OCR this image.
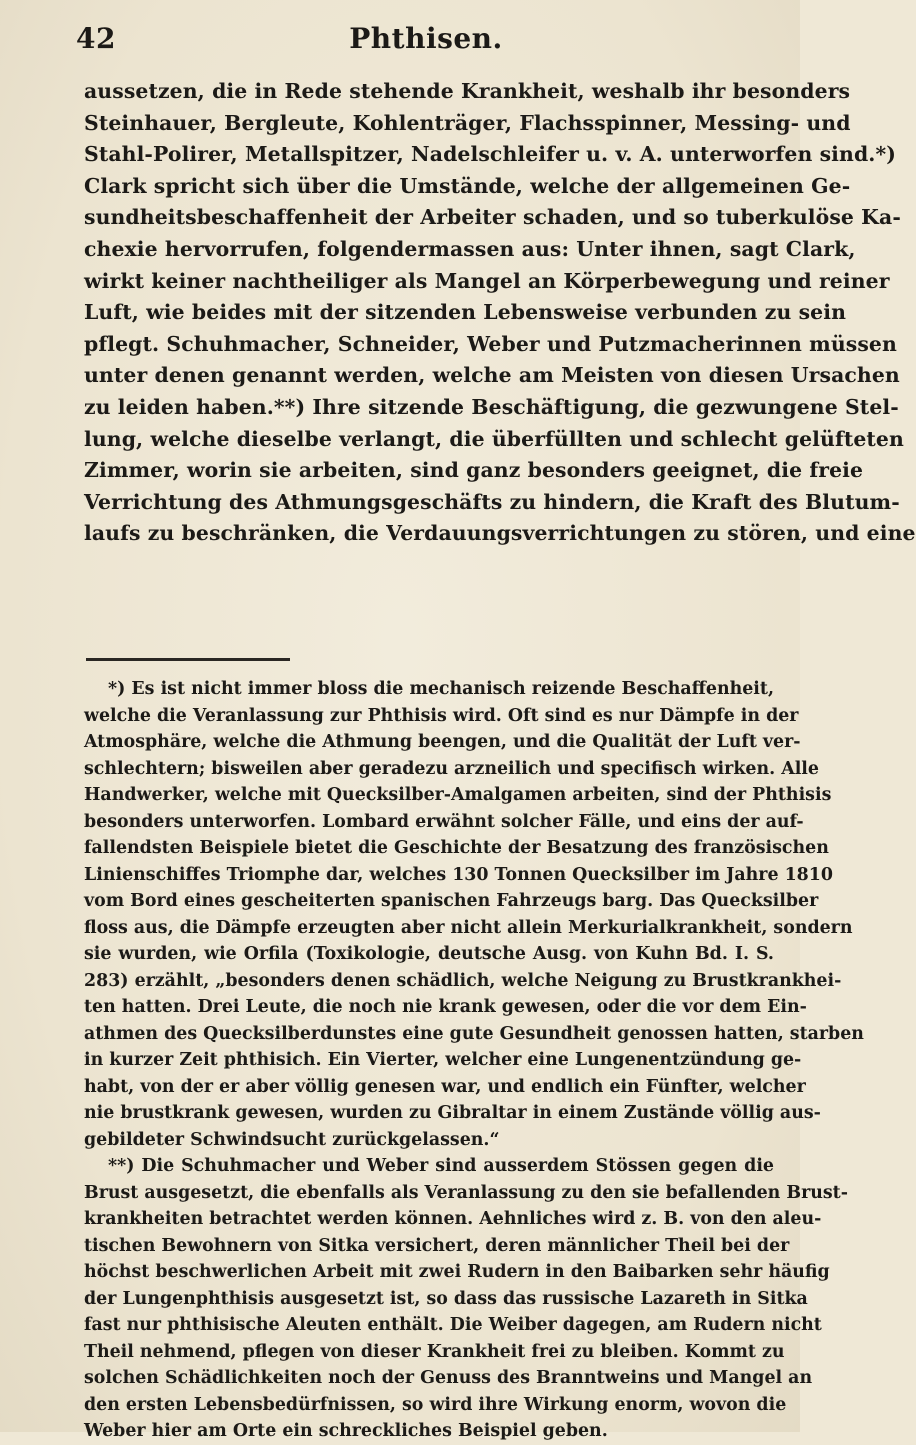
42	Phthisen.

aussetzen, die in Rede stehende Krankheit, weshalb ihr besonders
Steinhauer, Bergleute, Kohlenträger, Flachsspinner, Messing- und
Stahl-Polirer, Metallspitzer, Nadelschleifer u. v. A. unterworfen sind.*)
Clark spricht sich über die Umstände, welche der allgemeinen Ge-
sundheitsbeschaffenheit der Arbeiter schaden, und so tuberkulöse Ka-
chexie hervorrufen, folgendermassen aus: Unter ihnen, sagt Clark,
wirkt keiner nachtheiliger als Mangel an Körperbewegung und reiner
Luft, wie beides mit der sitzenden Lebensweise verbunden zu sein
pflegt. Schuhmacher, Schneider, Weber und Putzmacherinnen müssen
unter denen genannt werden, welche am Meisten von diesen Ursachen
zu leiden haben.**) Ihre sitzende Beschäftigung, die gezwungene Stel-
lung, welche dieselbe verlangt, die überfüllten und schlecht gelüfteten
Zimmer, worin sie arbeiten, sind ganz besonders geeignet, die freie
Verrichtung des Athmungsgeschäfts zu hindern, die Kraft des Blutum-
laufs zu beschränken, die Verdauungsverrichtungen zu stören, und eine

*) Es ist nicht immer bloss die mechanisch reizende Beschaffenheit,
welche die Veranlassung zur Phthisis wird. Oft sind es nur Dämpfe in der
Atmosphäre, welche die Athmung beengen, und die Qualität der Luft ver-
schlechtern; bisweilen aber geradezu arzneilich und specifisch wirken. Alle
Handwerker, welche mit Quecksilber-Amalgamen arbeiten, sind der Phthisis
besonders unterworfen. Lombard erwähnt solcher Fälle, und eins der auf-
fallendsten Beispiele bietet die Geschichte der Besatzung des französischen
Linienschiffes Triomphe dar, welches 130 Tonnen Quecksilber im Jahre 1810
vom Bord eines gescheiterten spanischen Fahrzeugs barg. Das Quecksilber
floss aus, die Dämpfe erzeugten aber nicht allein Merkurialkrankheit, sondern
sie wurden, wie Orfila (Toxikologie, deutsche Ausg. von Kuhn Bd. I. S.
283) erzählt, „besonders denen schädlich, welche Neigung zu Brustkrankhei-
ten hatten. Drei Leute, die noch nie krank gewesen, oder die vor dem Ein-
athmen des Quecksilberdunstes eine gute Gesundheit genossen hatten, starben
in kurzer Zeit phthisich. Ein Vierter, welcher eine Lungenentzündung ge-
habt, von der er aber völlig genesen war, und endlich ein Fünfter, welcher
nie brustkrank gewesen, wurden zu Gibraltar in einem Zustände völlig aus-
gebildeter Schwindsucht zurückgelassen.“
**) Die Schuhmacher und Weber sind ausserdem Stössen gegen die
Brust ausgesetzt, die ebenfalls als Veranlassung zu den sie befallenden Brust-
krankheiten betrachtet werden können. Aehnliches wird z. B. von den aleu-
tischen Bewohnern von Sitka versichert, deren männlicher Theil bei der
höchst beschwerlichen Arbeit mit zwei Rudern in den Baibarken sehr häufig
der Lungenphthisis ausgesetzt ist, so dass das russische Lazareth in Sitka
fast nur phthisische Aleuten enthält. Die Weiber dagegen, am Rudern nicht
Theil nehmend, pflegen von dieser Krankheit frei zu bleiben. Kommt zu
solchen Schädlichkeiten noch der Genuss des Branntweins und Mangel an
den ersten Lebensbedürfnissen, so wird ihre Wirkung enorm, wovon die
Weber hier am Orte ein schreckliches Beispiel geben.
